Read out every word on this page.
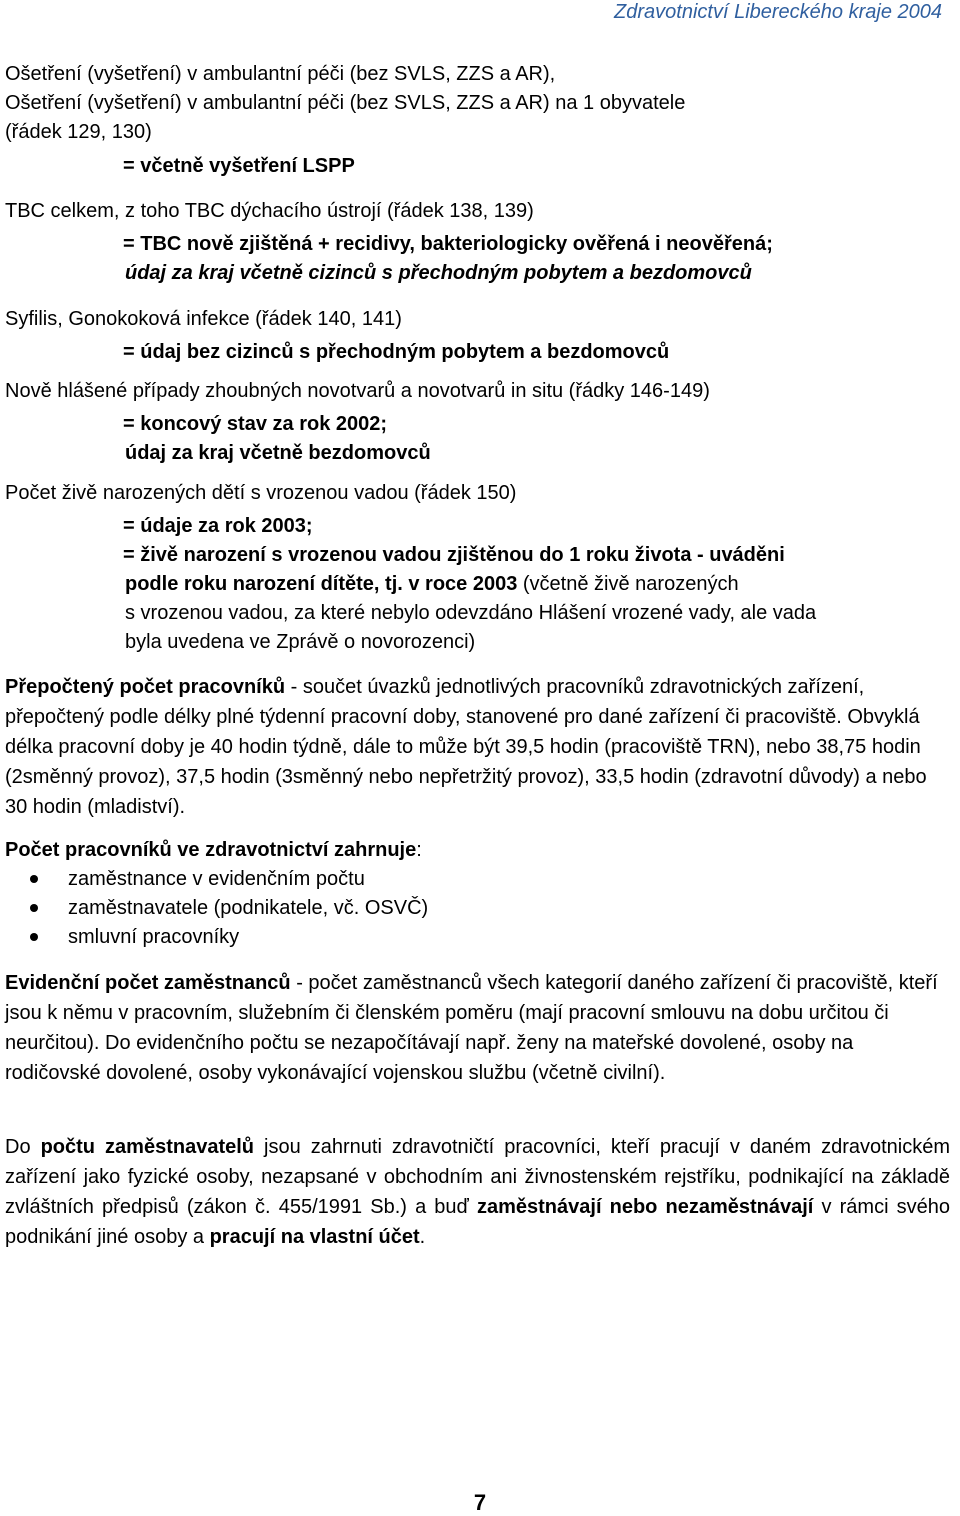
Zdravotnictví Libereckého kraje 2004
Ošetření (vyšetření) v ambulantní péči (bez SVLS, ZZS a AR),
Ošetření (vyšetření) v ambulantní péči (bez SVLS, ZZS a AR) na 1 obyvatele
(řádek 129, 130)
= včetně vyšetření LSPP
TBC celkem, z toho TBC dýchacího ústrojí (řádek 138, 139)
= TBC nově zjištěná + recidivy, bakteriologicky ověřená i neověřená;
údaj za kraj včetně cizinců s přechodným pobytem a bezdomovců
Syfilis, Gonokoková infekce (řádek 140, 141)
= údaj bez cizinců s přechodným pobytem a bezdomovců
Nově hlášené případy zhoubných novotvarů a novotvarů in situ (řádky 146-149)
= koncový stav za rok 2002;
údaj za kraj včetně bezdomovců
Počet živě narozených dětí s vrozenou vadou (řádek 150)
= údaje za rok 2003;
= živě narození s vrozenou vadou zjištěnou do 1 roku života - uváděni
podle roku narození dítěte, tj. v roce 2003 (včetně živě narozených
s vrozenou vadou, za které nebylo odevzdáno Hlášení vrozené vady, ale vada
byla uvedena ve Zprávě o novorozenci)
Přepočtený počet pracovníků - součet úvazků jednotlivých pracovníků zdravotnických zařízení, přepočtený podle délky plné týdenní pracovní doby, stanovené pro dané zařízení či pracoviště. Obvyklá délka pracovní doby je 40 hodin týdně, dále to může být 39,5 hodin (pracoviště TRN), nebo 38,75 hodin (2směnný provoz), 37,5 hodin (3směnný nebo nepřetržitý provoz), 33,5 hodin (zdravotní důvody) a nebo 30 hodin (mladiství).
Počet pracovníků ve zdravotnictví zahrnuje:
zaměstnance v evidenčním počtu
zaměstnavatele (podnikatele, vč. OSVČ)
smluvní pracovníky
Evidenční počet zaměstnanců - počet zaměstnanců všech kategorií daného zařízení či pracoviště, kteří jsou k němu v pracovním, služebním či členském poměru (mají pracovní smlouvu na dobu určitou či neurčitou). Do evidenčního počtu se nezapočítávají např. ženy na mateřské dovolené, osoby na rodičovské dovolené, osoby vykonávající vojenskou službu (včetně civilní).
Do počtu zaměstnavatelů jsou zahrnuti zdravotničtí pracovníci, kteří pracují v daném zdravotnickém zařízení jako fyzické osoby, nezapsané v obchodním ani živnostenském rejstříku, podnikající na základě zvláštních předpisů (zákon č. 455/1991 Sb.) a buď zaměstnávají nebo nezaměstnávají v rámci svého podnikání jiné osoby a pracují na vlastní účet.
7
